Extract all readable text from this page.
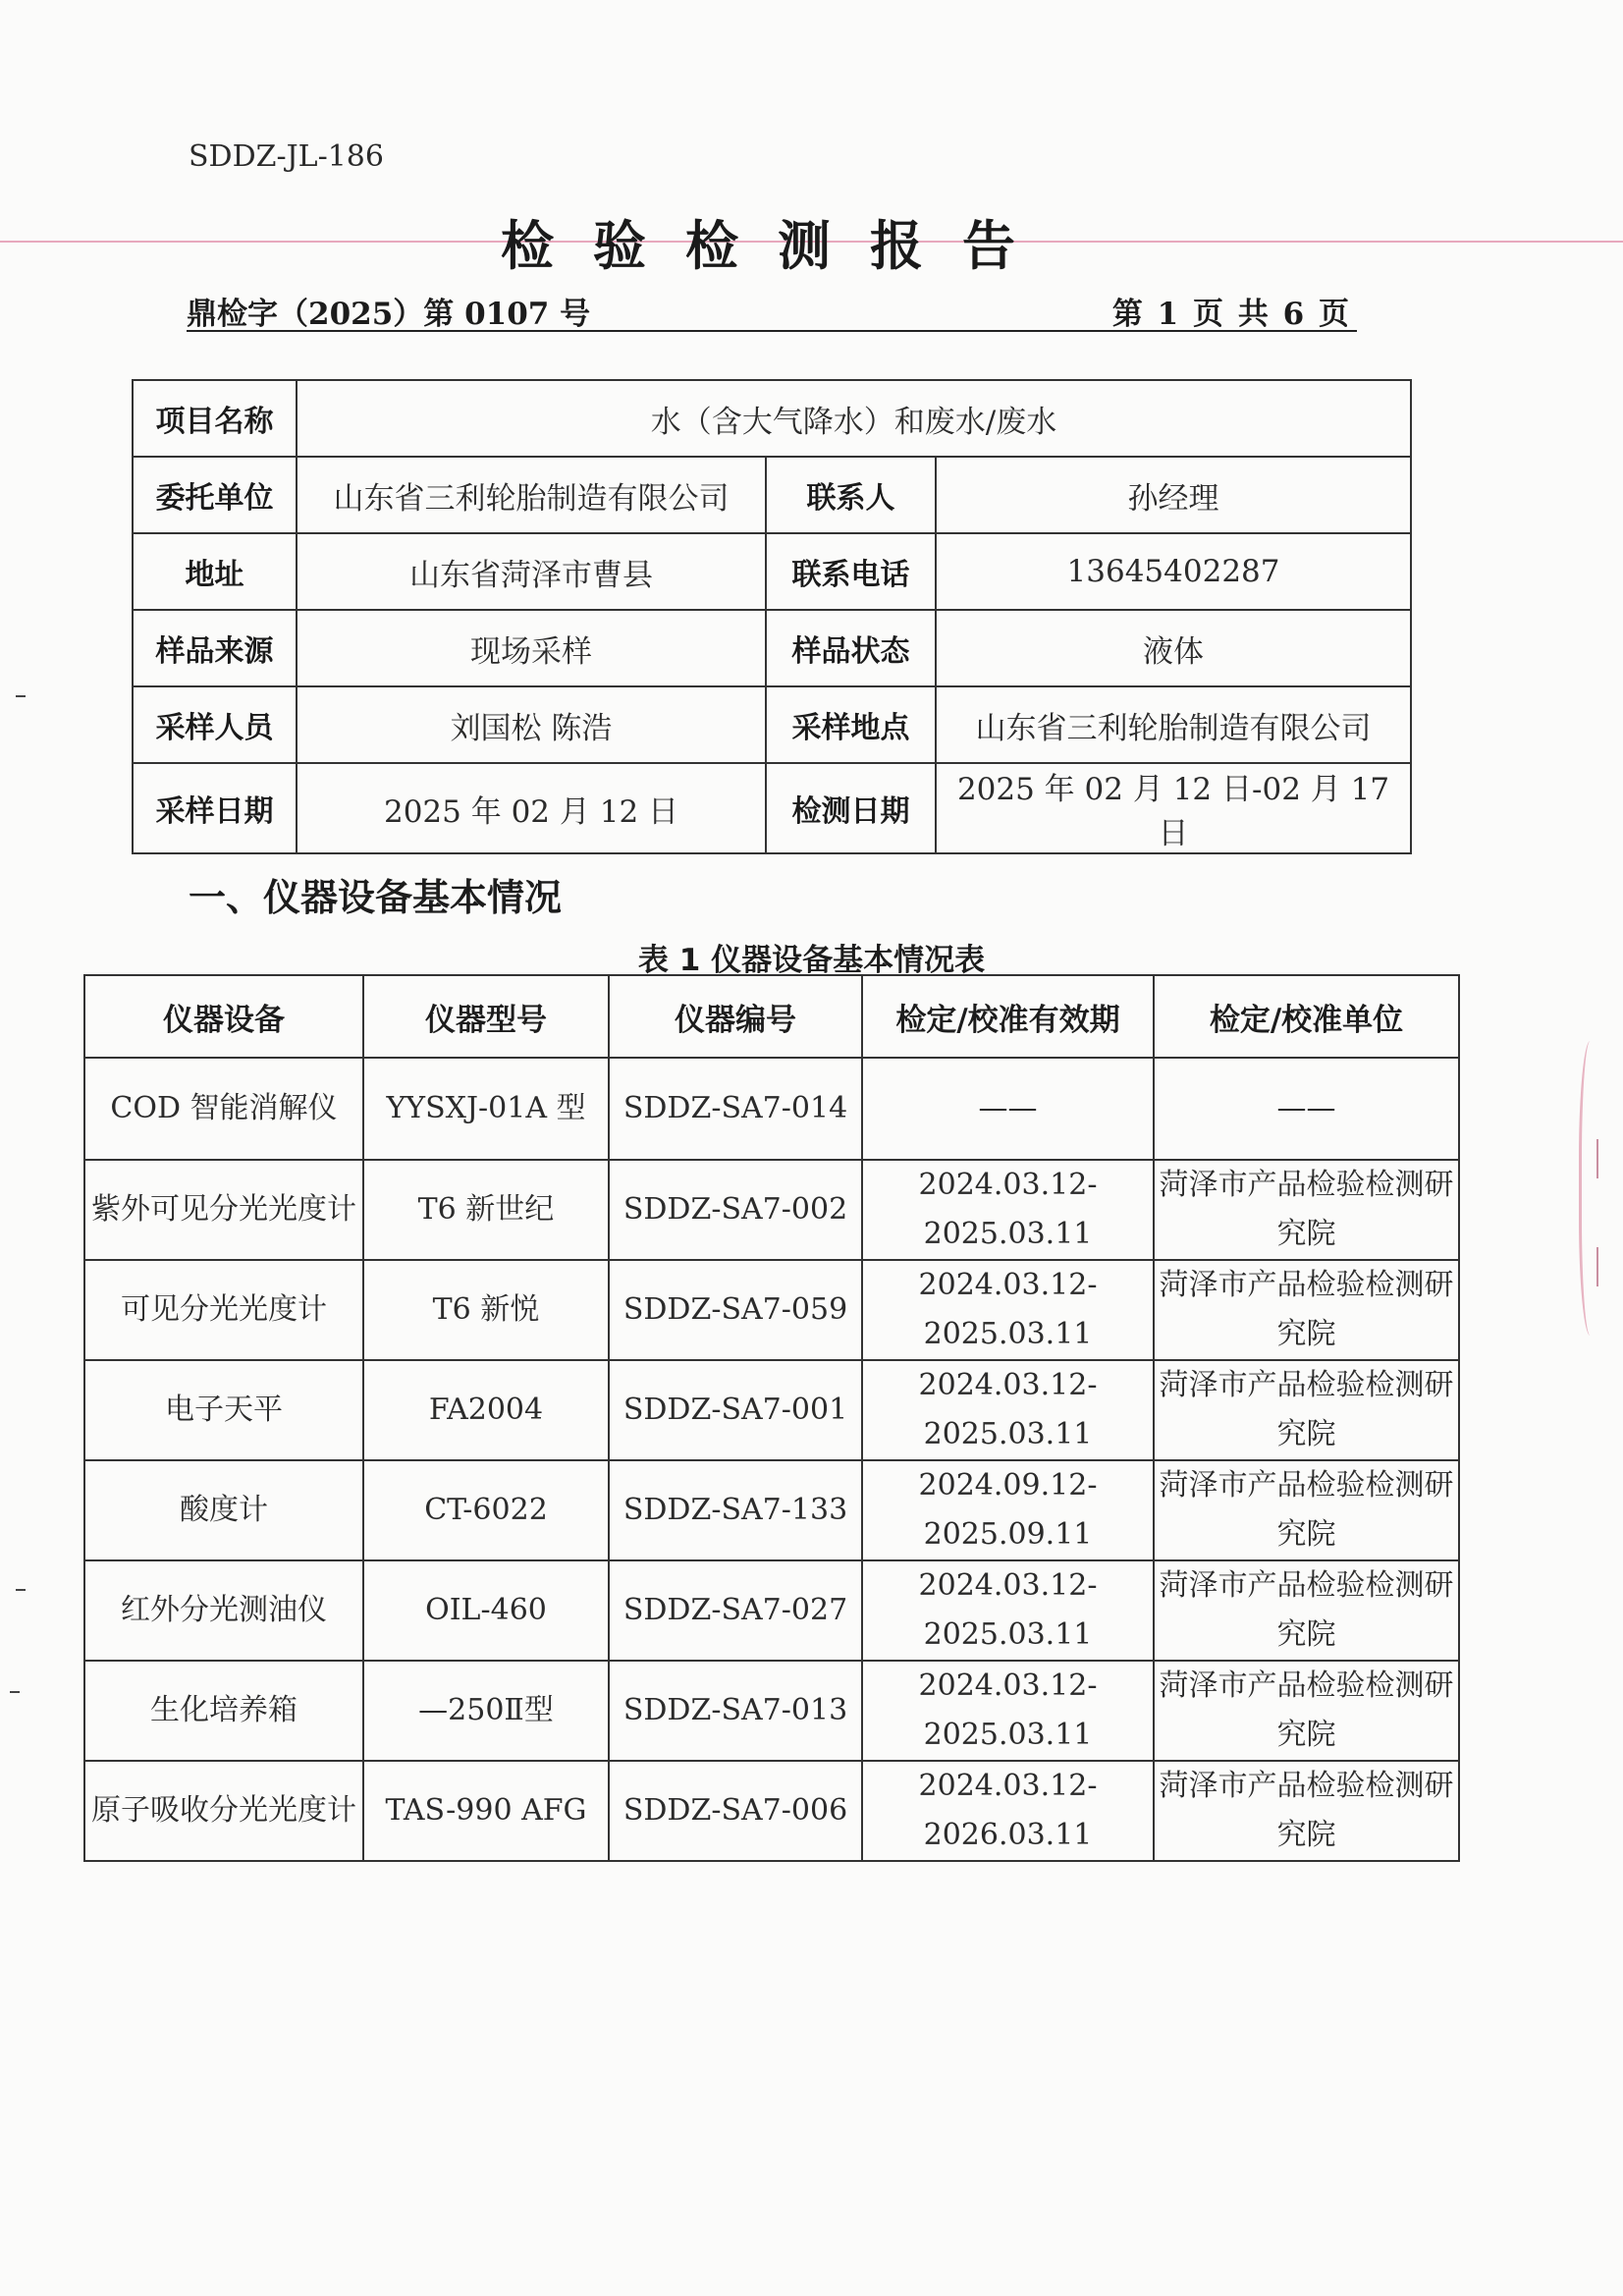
SDDZ-JL-186
检验检测报告
鼎检字（2025）第 0107 号	第 1 页 共 6 页
项目名称	水（含大气降水）和废水/废水		
委托单位	山东省三利轮胎制造有限公司	联系人	孙经理
地址	山东省菏泽市曹县	联系电话	13645402287
样品来源	现场采样	样品状态	液体
采样人员	刘国松 陈浩	采样地点	山东省三利轮胎制造有限公司
采样日期	2025 年 02 月 12 日	检测日期	2025 年 02 月 12 日-02 月 17 日
一、仪器设备基本情况
表 1 仪器设备基本情况表
仪器设备	仪器型号	仪器编号	检定/校准有效期	检定/校准单位
COD 智能消解仪	YYSXJ-01A 型	SDDZ-SA7-014	——	——
紫外可见分光光度计	T6 新世纪	SDDZ-SA7-002	2024.03.12-2025.03.11	菏泽市产品检验检测研究院
可见分光光度计	T6 新悦	SDDZ-SA7-059	2024.03.12-2025.03.11	菏泽市产品检验检测研究院
电子天平	FA2004	SDDZ-SA7-001	2024.03.12-2025.03.11	菏泽市产品检验检测研究院
酸度计	CT-6022	SDDZ-SA7-133	2024.09.12-2025.09.11	菏泽市产品检验检测研究院
红外分光测油仪	OIL-460	SDDZ-SA7-027	2024.03.12-2025.03.11	菏泽市产品检验检测研究院
生化培养箱	—250Ⅱ型	SDDZ-SA7-013	2024.03.12-2025.03.11	菏泽市产品检验检测研究院
原子吸收分光光度计	TAS-990 AFG	SDDZ-SA7-006	2024.03.12-2026.03.11	菏泽市产品检验检测研究院
